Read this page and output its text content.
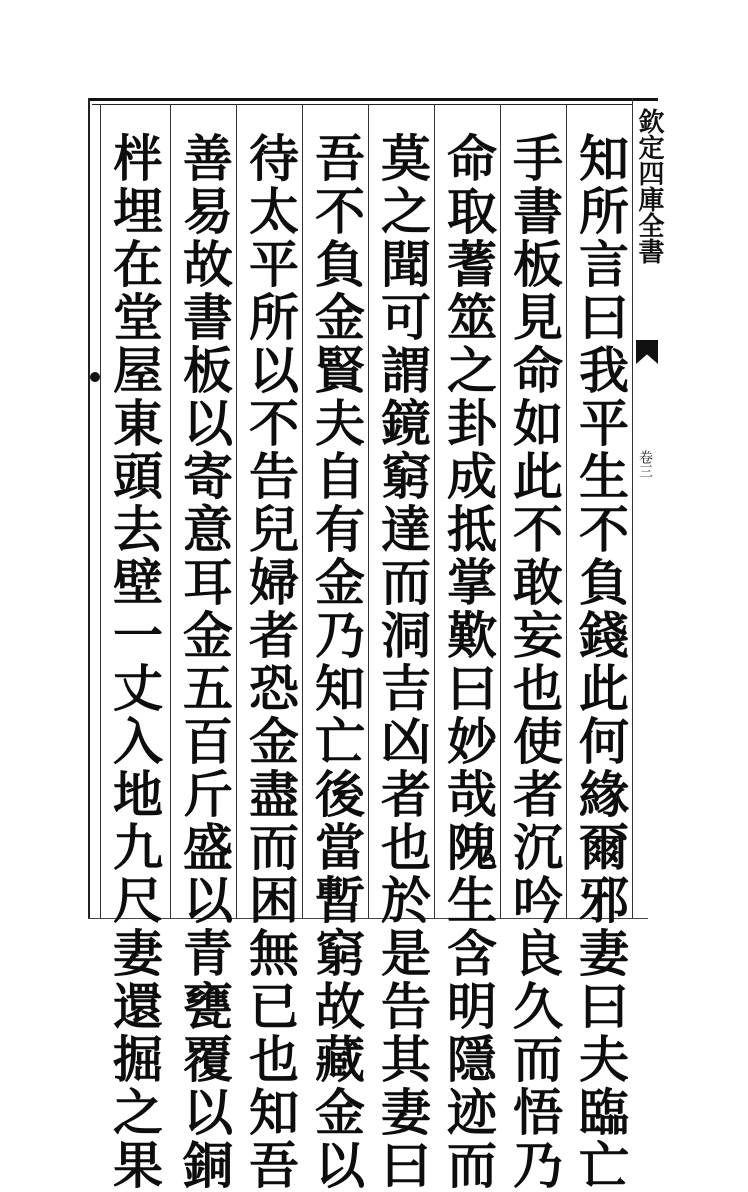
欽定四庫全書
卷三
知所言曰我平生不負錢此何緣爾邪妻曰夫臨亡
手書板見命如此不敢妄也使者沉吟良久而悟乃
命取蓍筮之卦成抵掌歎曰妙哉隗生含明隱迹而
莫之聞可謂鏡窮達而洞吉凶者也於是告其妻曰
吾不負金賢夫自有金乃知亡後當暫窮故藏金以
待太平所以不告兒婦者恐金盡而困無已也知吾
善易故書板以寄意耳金五百斤盛以青甕覆以銅
柈埋在堂屋東頭去壁一丈入地九尺妻還掘之果
